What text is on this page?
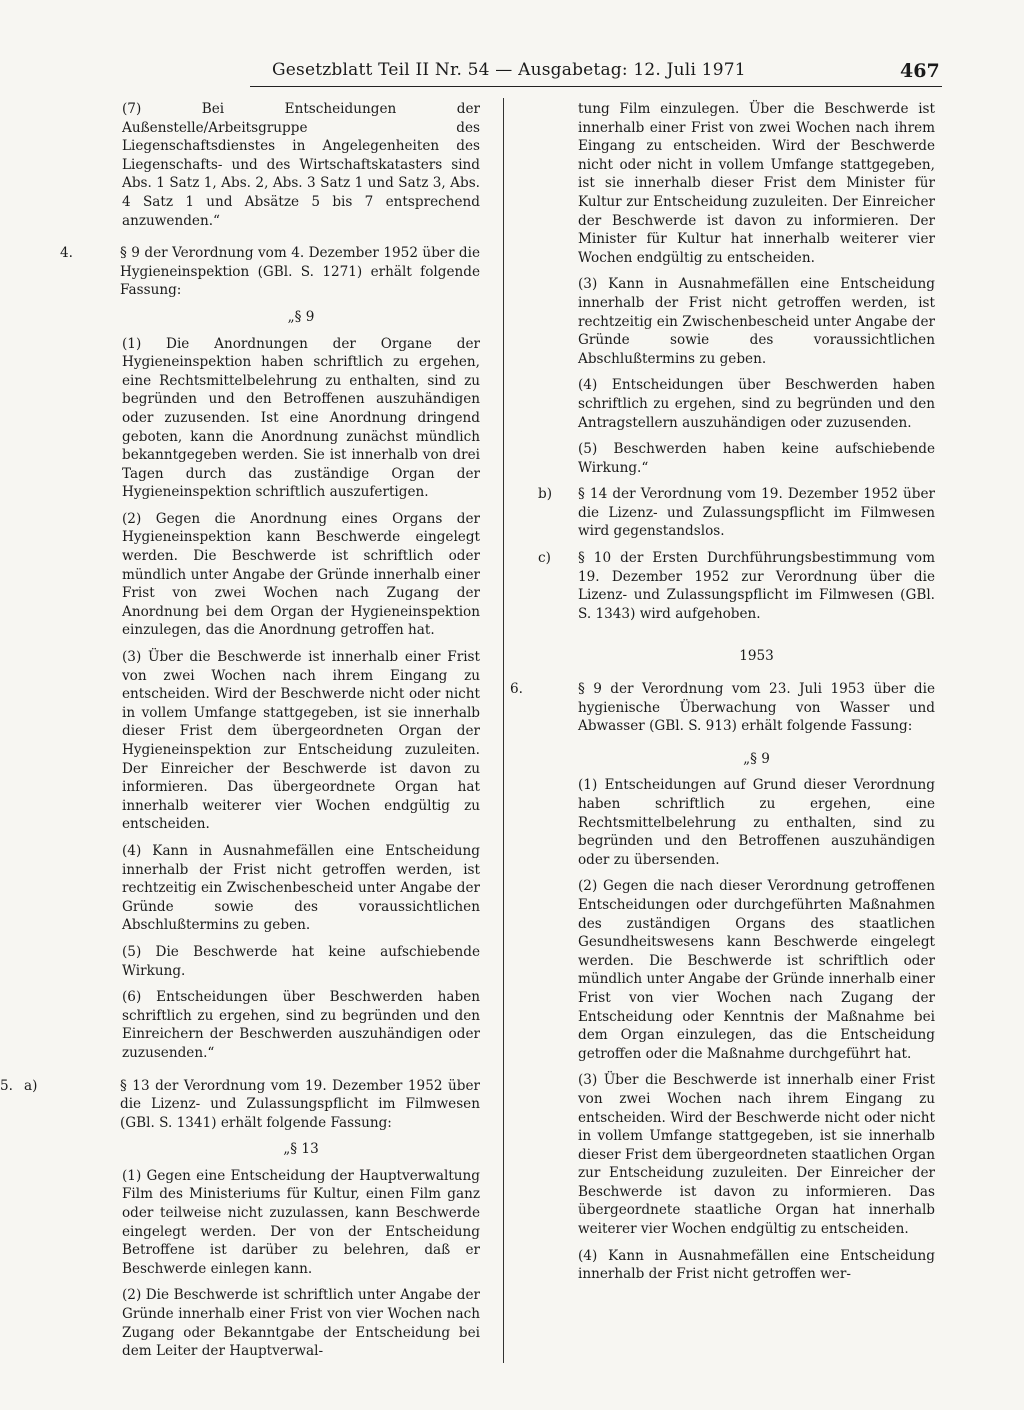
Gesetzblatt Teil II Nr. 54 — Ausgabetag: 12. Juli 1971	467

(7) Bei Entscheidungen der Außenstelle/Arbeitsgruppe des Liegenschaftsdienstes in Angelegenheiten des Liegenschafts- und des Wirtschaftskatasters sind Abs. 1 Satz 1, Abs. 2, Abs. 3 Satz 1 und Satz 3, Abs. 4 Satz 1 und Absätze 5 bis 7 entsprechend anzuwenden.“

4.	§ 9 der Verordnung vom 4. Dezember 1952 über die Hygieneinspektion (GBl. S. 1271) erhält folgende Fassung:

„§ 9

(1) Die Anordnungen der Organe der Hygieneinspektion haben schriftlich zu ergehen, eine Rechtsmittelbelehrung zu enthalten, sind zu begründen und den Betroffenen auszuhändigen oder zuzusenden. Ist eine Anordnung dringend geboten, kann die Anordnung zunächst mündlich bekanntgegeben werden. Sie ist innerhalb von drei Tagen durch das zuständige Organ der Hygieneinspektion schriftlich auszufertigen.

(2) Gegen die Anordnung eines Organs der Hygieneinspektion kann Beschwerde eingelegt werden. Die Beschwerde ist schriftlich oder mündlich unter Angabe der Gründe innerhalb einer Frist von zwei Wochen nach Zugang der Anordnung bei dem Organ der Hygieneinspektion einzulegen, das die Anordnung getroffen hat.

(3) Über die Beschwerde ist innerhalb einer Frist von zwei Wochen nach ihrem Eingang zu entscheiden. Wird der Beschwerde nicht oder nicht in vollem Umfange stattgegeben, ist sie innerhalb dieser Frist dem übergeordneten Organ der Hygieneinspektion zur Entscheidung zuzuleiten. Der Einreicher der Beschwerde ist davon zu informieren. Das übergeordnete Organ hat innerhalb weiterer vier Wochen endgültig zu entscheiden.

(4) Kann in Ausnahmefällen eine Entscheidung innerhalb der Frist nicht getroffen werden, ist rechtzeitig ein Zwischenbescheid unter Angabe der Gründe sowie des voraussichtlichen Abschlußtermins zu geben.

(5) Die Beschwerde hat keine aufschiebende Wirkung.

(6) Entscheidungen über Beschwerden haben schriftlich zu ergehen, sind zu begründen und den Einreichern der Beschwerden auszuhändigen oder zuzusenden.“

5. a)	§ 13 der Verordnung vom 19. Dezember 1952 über die Lizenz- und Zulassungspflicht im Filmwesen (GBl. S. 1341) erhält folgende Fassung:

„§ 13

(1) Gegen eine Entscheidung der Hauptverwaltung Film des Ministeriums für Kultur, einen Film ganz oder teilweise nicht zuzulassen, kann Beschwerde eingelegt werden. Der von der Entscheidung Betroffene ist darüber zu belehren, daß er Beschwerde einlegen kann.

(2) Die Beschwerde ist schriftlich unter Angabe der Gründe innerhalb einer Frist von vier Wochen nach Zugang oder Bekanntgabe der Entscheidung bei dem Leiter der Hauptverwal-

tung Film einzulegen. Über die Beschwerde ist innerhalb einer Frist von zwei Wochen nach ihrem Eingang zu entscheiden. Wird der Beschwerde nicht oder nicht in vollem Umfange stattgegeben, ist sie innerhalb dieser Frist dem Minister für Kultur zur Entscheidung zuzuleiten. Der Einreicher der Beschwerde ist davon zu informieren. Der Minister für Kultur hat innerhalb weiterer vier Wochen endgültig zu entscheiden.

(3) Kann in Ausnahmefällen eine Entscheidung innerhalb der Frist nicht getroffen werden, ist rechtzeitig ein Zwischenbescheid unter Angabe der Gründe sowie des voraussichtlichen Abschlußtermins zu geben.

(4) Entscheidungen über Beschwerden haben schriftlich zu ergehen, sind zu begründen und den Antragstellern auszuhändigen oder zuzusenden.

(5) Beschwerden haben keine aufschiebende Wirkung.“

b)	§ 14 der Verordnung vom 19. Dezember 1952 über die Lizenz- und Zulassungspflicht im Filmwesen wird gegenstandslos.
c)	§ 10 der Ersten Durchführungsbestimmung vom 19. Dezember 1952 zur Verordnung über die Lizenz- und Zulassungspflicht im Filmwesen (GBl. S. 1343) wird aufgehoben.

1953

6.	§ 9 der Verordnung vom 23. Juli 1953 über die hygienische Überwachung von Wasser und Abwasser (GBl. S. 913) erhält folgende Fassung:

„§ 9

(1) Entscheidungen auf Grund dieser Verordnung haben schriftlich zu ergehen, eine Rechtsmittelbelehrung zu enthalten, sind zu begründen und den Betroffenen auszuhändigen oder zu übersenden.

(2) Gegen die nach dieser Verordnung getroffenen Entscheidungen oder durchgeführten Maßnahmen des zuständigen Organs des staatlichen Gesundheitswesens kann Beschwerde eingelegt werden. Die Beschwerde ist schriftlich oder mündlich unter Angabe der Gründe innerhalb einer Frist von vier Wochen nach Zugang der Entscheidung oder Kenntnis der Maßnahme bei dem Organ einzulegen, das die Entscheidung getroffen oder die Maßnahme durchgeführt hat.

(3) Über die Beschwerde ist innerhalb einer Frist von zwei Wochen nach ihrem Eingang zu entscheiden. Wird der Beschwerde nicht oder nicht in vollem Umfange stattgegeben, ist sie innerhalb dieser Frist dem übergeordneten staatlichen Organ zur Entscheidung zuzuleiten. Der Einreicher der Beschwerde ist davon zu informieren. Das übergeordnete staatliche Organ hat innerhalb weiterer vier Wochen endgültig zu entscheiden.

(4) Kann in Ausnahmefällen eine Entscheidung innerhalb der Frist nicht getroffen wer-
